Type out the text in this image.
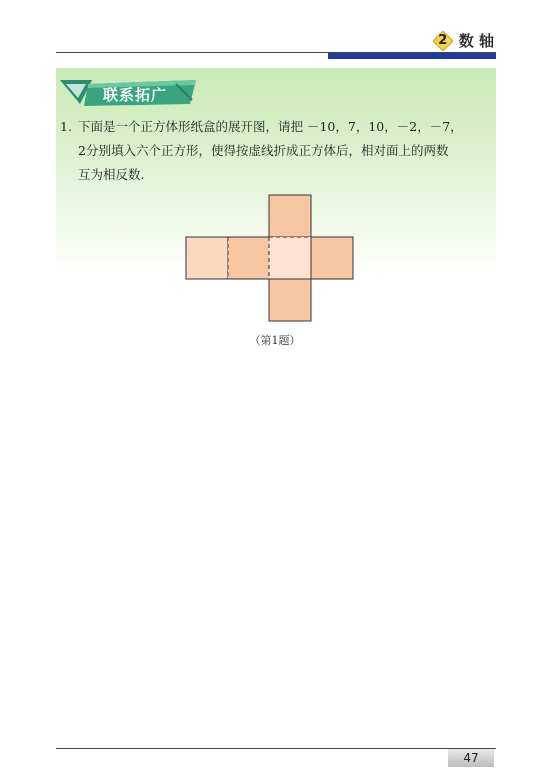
2 数 轴
联系拓广
1. 下面是一个正方体形纸盒的展开图，请把 －10，7，10，－2，－7，
2分别填入六个正方形，使得按虚线折成正方体后，相对面上的两数
互为相反数.
（第1题）
47
